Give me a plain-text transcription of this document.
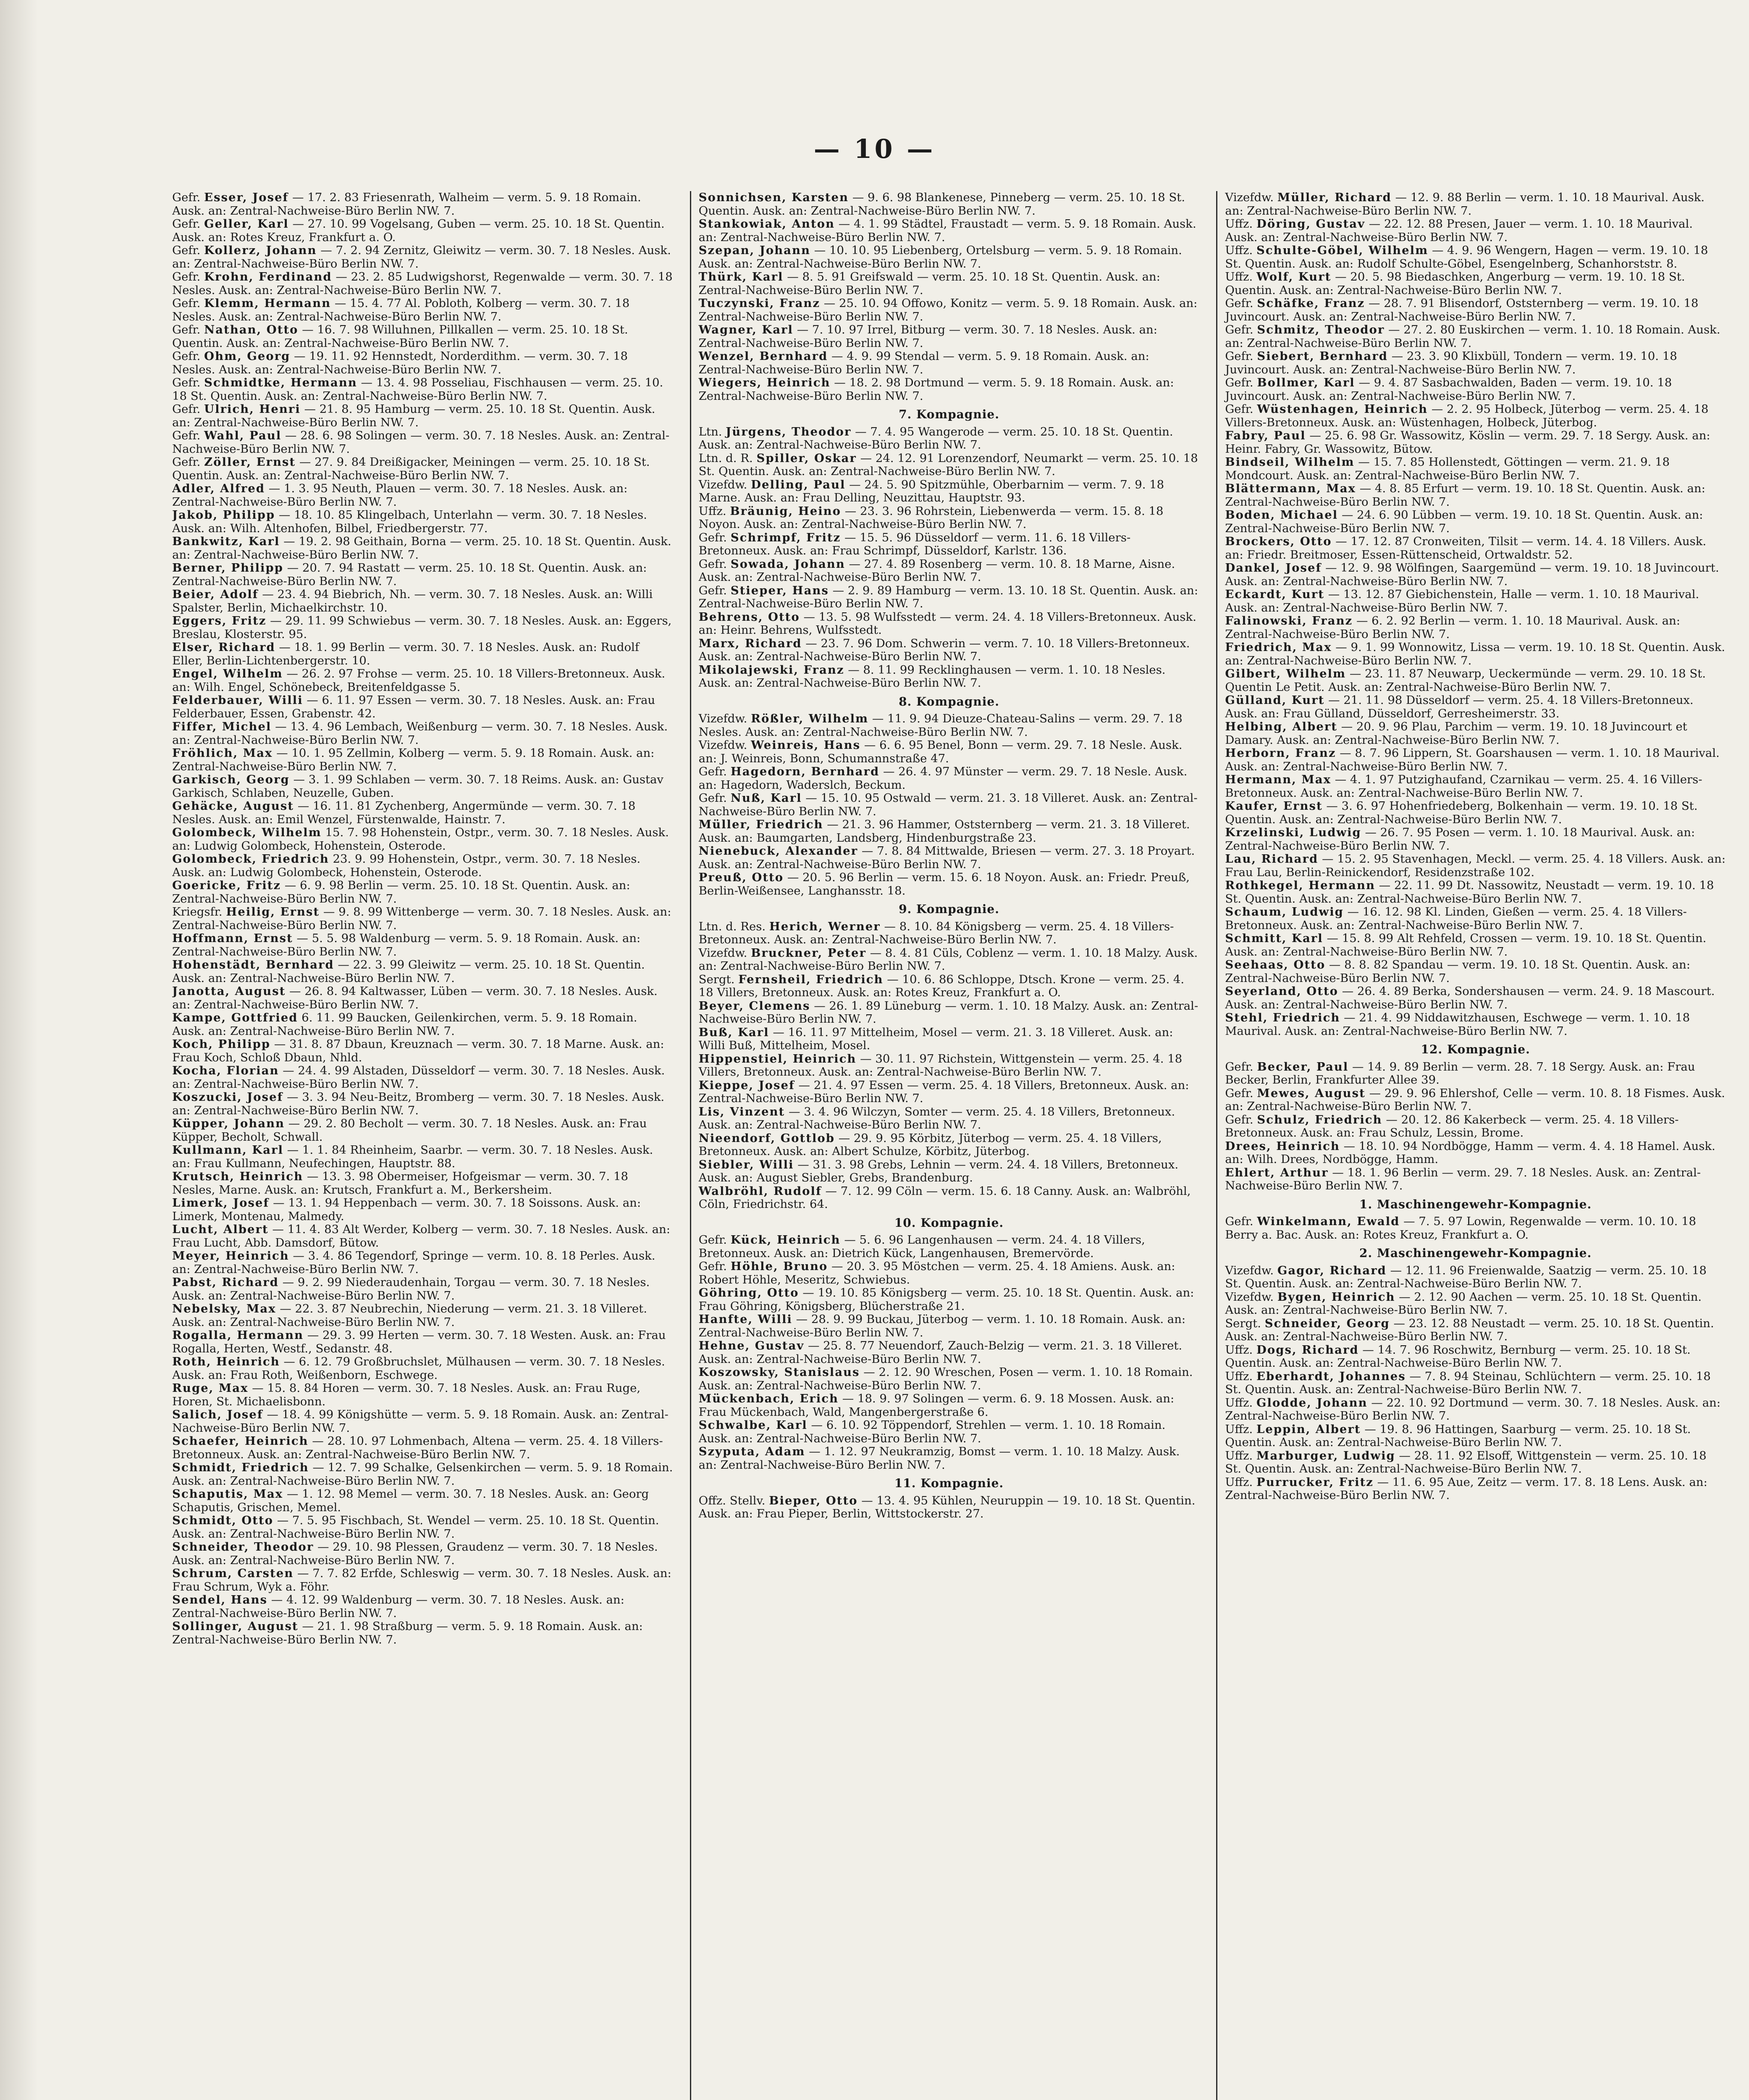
— 10 —
Gefr. Esser, Josef — 17. 2. 83 Friesenrath, Walheim — verm. 5. 9. 18 Romain. Ausk. an: Zentral-Nachweise-Büro Berlin NW. 7.
Gefr. Geller, Karl — 27. 10. 99 Vogelsang, Guben — verm. 25. 10. 18 St. Quentin. Ausk. an: Rotes Kreuz, Frankfurt a. O.
Gefr. Kollerz, Johann — 7. 2. 94 Zernitz, Gleiwitz — verm. 30. 7. 18 Nesles. Ausk. an: Zentral-Nachweise-Büro Berlin NW. 7.
Gefr. Krohn, Ferdinand — 23. 2. 85 Ludwigshorst, Regenwalde — verm. 30. 7. 18 Nesles. Ausk. an: Zentral-Nachweise-Büro Berlin NW. 7.
Gefr. Klemm, Hermann — 15. 4. 77 Al. Pobloth, Kolberg — verm. 30. 7. 18 Nesles. Ausk. an: Zentral-Nachweise-Büro Berlin NW. 7.
Gefr. Nathan, Otto — 16. 7. 98 Willuhnen, Pillkallen — verm. 25. 10. 18 St. Quentin. Ausk. an: Zentral-Nachweise-Büro Berlin NW. 7.
Gefr. Ohm, Georg — 19. 11. 92 Hennstedt, Norderdithm. — verm. 30. 7. 18 Nesles. Ausk. an: Zentral-Nachweise-Büro Berlin NW. 7.
Gefr. Schmidtke, Hermann — 13. 4. 98 Posseliau, Fischhausen — verm. 25. 10. 18 St. Quentin. Ausk. an: Zentral-Nachweise-Büro Berlin NW. 7.
Gefr. Ulrich, Henri — 21. 8. 95 Hamburg — verm. 25. 10. 18 St. Quentin. Ausk. an: Zentral-Nachweise-Büro Berlin NW. 7.
Gefr. Wahl, Paul — 28. 6. 98 Solingen — verm. 30. 7. 18 Nesles. Ausk. an: Zentral-Nachweise-Büro Berlin NW. 7.
Gefr. Zöller, Ernst — 27. 9. 84 Dreißigacker, Meiningen — verm. 25. 10. 18 St. Quentin. Ausk. an: Zentral-Nachweise-Büro Berlin NW. 7.
Adler, Alfred — 1. 3. 95 Neuth, Plauen — verm. 30. 7. 18 Nesles. Ausk. an: Zentral-Nachweise-Büro Berlin NW. 7.
Jakob, Philipp — 18. 10. 85 Klingelbach, Unterlahn — verm. 30. 7. 18 Nesles. Ausk. an: Wilh. Altenhofen, Bilbel, Friedbergerstr. 77.
Bankwitz, Karl — 19. 2. 98 Geithain, Borna — verm. 25. 10. 18 St. Quentin. Ausk. an: Zentral-Nachweise-Büro Berlin NW. 7.
Berner, Philipp — 20. 7. 94 Rastatt — verm. 25. 10. 18 St. Quentin. Ausk. an: Zentral-Nachweise-Büro Berlin NW. 7.
Beier, Adolf — 23. 4. 94 Biebrich, Nh. — verm. 30. 7. 18 Nesles. Ausk. an: Willi Spalster, Berlin, Michaelkirchstr. 10.
Eggers, Fritz — 29. 11. 99 Schwiebus — verm. 30. 7. 18 Nesles. Ausk. an: Eggers, Breslau, Klosterstr. 95.
Elser, Richard — 18. 1. 99 Berlin — verm. 30. 7. 18 Nesles. Ausk. an: Rudolf Eller, Berlin-Lichtenbergerstr. 10.
Engel, Wilhelm — 26. 2. 97 Frohse — verm. 25. 10. 18 Villers-Bretonneux. Ausk. an: Wilh. Engel, Schönebeck, Breitenfeldgasse 5.
Felderbauer, Willi — 6. 11. 97 Essen — verm. 30. 7. 18 Nesles. Ausk. an: Frau Felderbauer, Essen, Grabenstr. 42.
Fiffer, Michel — 13. 4. 96 Lembach, Weißenburg — verm. 30. 7. 18 Nesles. Ausk. an: Zentral-Nachweise-Büro Berlin NW. 7.
Fröhlich, Max — 10. 1. 95 Zellmin, Kolberg — verm. 5. 9. 18 Romain. Ausk. an: Zentral-Nachweise-Büro Berlin NW. 7.
Garkisch, Georg — 3. 1. 99 Schlaben — verm. 30. 7. 18 Reims. Ausk. an: Gustav Garkisch, Schlaben, Neuzelle, Guben.
Gehäcke, August — 16. 11. 81 Zychenberg, Angermünde — verm. 30. 7. 18 Nesles. Ausk. an: Emil Wenzel, Fürstenwalde, Hainstr. 7.
Golombeck, Wilhelm 15. 7. 98 Hohenstein, Ostpr., verm. 30. 7. 18 Nesles. Ausk. an: Ludwig Golombeck, Hohenstein, Osterode.
Golombeck, Friedrich 23. 9. 99 Hohenstein, Ostpr., verm. 30. 7. 18 Nesles. Ausk. an: Ludwig Golombeck, Hohenstein, Osterode.
Goericke, Fritz — 6. 9. 98 Berlin — verm. 25. 10. 18 St. Quentin. Ausk. an: Zentral-Nachweise-Büro Berlin NW. 7.
Kriegsfr. Heilig, Ernst — 9. 8. 99 Wittenberge — verm. 30. 7. 18 Nesles. Ausk. an: Zentral-Nachweise-Büro Berlin NW. 7.
Hoffmann, Ernst — 5. 5. 98 Waldenburg — verm. 5. 9. 18 Romain. Ausk. an: Zentral-Nachweise-Büro Berlin NW. 7.
Hohenstädt, Bernhard — 22. 3. 99 Gleiwitz — verm. 25. 10. 18 St. Quentin. Ausk. an: Zentral-Nachweise-Büro Berlin NW. 7.
Janotta, August — 26. 8. 94 Kaltwasser, Lüben — verm. 30. 7. 18 Nesles. Ausk. an: Zentral-Nachweise-Büro Berlin NW. 7.
Kampe, Gottfried 6. 11. 99 Baucken, Geilenkirchen, verm. 5. 9. 18 Romain. Ausk. an: Zentral-Nachweise-Büro Berlin NW. 7.
Koch, Philipp — 31. 8. 87 Dbaun, Kreuznach — verm. 30. 7. 18 Marne. Ausk. an: Frau Koch, Schloß Dbaun, Nhld.
Kocha, Florian — 24. 4. 99 Alstaden, Düsseldorf — verm. 30. 7. 18 Nesles. Ausk. an: Zentral-Nachweise-Büro Berlin NW. 7.
Koszucki, Josef — 3. 3. 94 Neu-Beitz, Bromberg — verm. 30. 7. 18 Nesles. Ausk. an: Zentral-Nachweise-Büro Berlin NW. 7.
Küpper, Johann — 29. 2. 80 Becholt — verm. 30. 7. 18 Nesles. Ausk. an: Frau Küpper, Becholt, Schwall.
Kullmann, Karl — 1. 1. 84 Rheinheim, Saarbr. — verm. 30. 7. 18 Nesles. Ausk. an: Frau Kullmann, Neufechingen, Hauptstr. 88.
Krutsch, Heinrich — 13. 3. 98 Obermeiser, Hofgeismar — verm. 30. 7. 18 Nesles, Marne. Ausk. an: Krutsch, Frankfurt a. M., Berkersheim.
Limerk, Josef — 13. 1. 94 Heppenbach — verm. 30. 7. 18 Soissons. Ausk. an: Limerk, Montenau, Malmedy.
Lucht, Albert — 11. 4. 83 Alt Werder, Kolberg — verm. 30. 7. 18 Nesles. Ausk. an: Frau Lucht, Abb. Damsdorf, Bütow.
Meyer, Heinrich — 3. 4. 86 Tegendorf, Springe — verm. 10. 8. 18 Perles. Ausk. an: Zentral-Nachweise-Büro Berlin NW. 7.
Pabst, Richard — 9. 2. 99 Niederaudenhain, Torgau — verm. 30. 7. 18 Nesles. Ausk. an: Zentral-Nachweise-Büro Berlin NW. 7.
Nebelsky, Max — 22. 3. 87 Neubrechin, Niederung — verm. 21. 3. 18 Villeret. Ausk. an: Zentral-Nachweise-Büro Berlin NW. 7.
Rogalla, Hermann — 29. 3. 99 Herten — verm. 30. 7. 18 Westen. Ausk. an: Frau Rogalla, Herten, Westf., Sedanstr. 48.
Roth, Heinrich — 6. 12. 79 Großbruchslet, Mülhausen — verm. 30. 7. 18 Nesles. Ausk. an: Frau Roth, Weißenborn, Eschwege.
Ruge, Max — 15. 8. 84 Horen — verm. 30. 7. 18 Nesles. Ausk. an: Frau Ruge, Horen, St. Michaelisbonn.
Salich, Josef — 18. 4. 99 Königshütte — verm. 5. 9. 18 Romain. Ausk. an: Zentral-Nachweise-Büro Berlin NW. 7.
Schaefer, Heinrich — 28. 10. 97 Lohmenbach, Altena — verm. 25. 4. 18 Villers-Bretonneux. Ausk. an: Zentral-Nachweise-Büro Berlin NW. 7.
Schmidt, Friedrich — 12. 7. 99 Schalke, Gelsenkirchen — verm. 5. 9. 18 Romain. Ausk. an: Zentral-Nachweise-Büro Berlin NW. 7.
Schaputis, Max — 1. 12. 98 Memel — verm. 30. 7. 18 Nesles. Ausk. an: Georg Schaputis, Grischen, Memel.
Schmidt, Otto — 7. 5. 95 Fischbach, St. Wendel — verm. 25. 10. 18 St. Quentin. Ausk. an: Zentral-Nachweise-Büro Berlin NW. 7.
Schneider, Theodor — 29. 10. 98 Plessen, Graudenz — verm. 30. 7. 18 Nesles. Ausk. an: Zentral-Nachweise-Büro Berlin NW. 7.
Schrum, Carsten — 7. 7. 82 Erfde, Schleswig — verm. 30. 7. 18 Nesles. Ausk. an: Frau Schrum, Wyk a. Föhr.
Sendel, Hans — 4. 12. 99 Waldenburg — verm. 30. 7. 18 Nesles. Ausk. an: Zentral-Nachweise-Büro Berlin NW. 7.
Sollinger, August — 21. 1. 98 Straßburg — verm. 5. 9. 18 Romain. Ausk. an: Zentral-Nachweise-Büro Berlin NW. 7.
Sonnichsen, Karsten — 9. 6. 98 Blankenese, Pinneberg — verm. 25. 10. 18 St. Quentin. Ausk. an: Zentral-Nachweise-Büro Berlin NW. 7.
Stankowiak, Anton — 4. 1. 99 Städtel, Fraustadt — verm. 5. 9. 18 Romain. Ausk. an: Zentral-Nachweise-Büro Berlin NW. 7.
Szepan, Johann — 10. 10. 95 Liebenberg, Ortelsburg — verm. 5. 9. 18 Romain. Ausk. an: Zentral-Nachweise-Büro Berlin NW. 7.
Thürk, Karl — 8. 5. 91 Greifswald — verm. 25. 10. 18 St. Quentin. Ausk. an: Zentral-Nachweise-Büro Berlin NW. 7.
Tuczynski, Franz — 25. 10. 94 Offowo, Konitz — verm. 5. 9. 18 Romain. Ausk. an: Zentral-Nachweise-Büro Berlin NW. 7.
Wagner, Karl — 7. 10. 97 Irrel, Bitburg — verm. 30. 7. 18 Nesles. Ausk. an: Zentral-Nachweise-Büro Berlin NW. 7.
Wenzel, Bernhard — 4. 9. 99 Stendal — verm. 5. 9. 18 Romain. Ausk. an: Zentral-Nachweise-Büro Berlin NW. 7.
Wiegers, Heinrich — 18. 2. 98 Dortmund — verm. 5. 9. 18 Romain. Ausk. an: Zentral-Nachweise-Büro Berlin NW. 7.
7. Kompagnie.
Ltn. Jürgens, Theodor — 7. 4. 95 Wangerode — verm. 25. 10. 18 St. Quentin. Ausk. an: Zentral-Nachweise-Büro Berlin NW. 7.
Ltn. d. R. Spiller, Oskar — 24. 12. 91 Lorenzendorf, Neumarkt — verm. 25. 10. 18 St. Quentin. Ausk. an: Zentral-Nachweise-Büro Berlin NW. 7.
Vizefdw. Delling, Paul — 24. 5. 90 Spitzmühle, Oberbarnim — verm. 7. 9. 18 Marne. Ausk. an: Frau Delling, Neuzittau, Hauptstr. 93.
Uffz. Bräunig, Heino — 23. 3. 96 Rohrstein, Liebenwerda — verm. 15. 8. 18 Noyon. Ausk. an: Zentral-Nachweise-Büro Berlin NW. 7.
Gefr. Schrimpf, Fritz — 15. 5. 96 Düsseldorf — verm. 11. 6. 18 Villers-Bretonneux. Ausk. an: Frau Schrimpf, Düsseldorf, Karlstr. 136.
Gefr. Sowada, Johann — 27. 4. 89 Rosenberg — verm. 10. 8. 18 Marne, Aisne. Ausk. an: Zentral-Nachweise-Büro Berlin NW. 7.
Gefr. Stieper, Hans — 2. 9. 89 Hamburg — verm. 13. 10. 18 St. Quentin. Ausk. an: Zentral-Nachweise-Büro Berlin NW. 7.
Behrens, Otto — 13. 5. 98 Wulfsstedt — verm. 24. 4. 18 Villers-Bretonneux. Ausk. an: Heinr. Behrens, Wulfsstedt.
Marx, Richard — 23. 7. 96 Dom. Schwerin — verm. 7. 10. 18 Villers-Bretonneux. Ausk. an: Zentral-Nachweise-Büro Berlin NW. 7.
Mikolajewski, Franz — 8. 11. 99 Recklinghausen — verm. 1. 10. 18 Nesles. Ausk. an: Zentral-Nachweise-Büro Berlin NW. 7.
8. Kompagnie.
Vizefdw. Rößler, Wilhelm — 11. 9. 94 Dieuze-Chateau-Salins — verm. 29. 7. 18 Nesles. Ausk. an: Zentral-Nachweise-Büro Berlin NW. 7.
Vizefdw. Weinreis, Hans — 6. 6. 95 Benel, Bonn — verm. 29. 7. 18 Nesle. Ausk. an: J. Weinreis, Bonn, Schumannstraße 47.
Gefr. Hagedorn, Bernhard — 26. 4. 97 Münster — verm. 29. 7. 18 Nesle. Ausk. an: Hagedorn, Waderslch, Beckum.
Gefr. Nuß, Karl — 15. 10. 95 Ostwald — verm. 21. 3. 18 Villeret. Ausk. an: Zentral-Nachweise-Büro Berlin NW. 7.
Müller, Friedrich — 21. 3. 96 Hammer, Oststernberg — verm. 21. 3. 18 Villeret. Ausk. an: Baumgarten, Landsberg, Hindenburgstraße 23.
Nienebuck, Alexander — 7. 8. 84 Mittwalde, Briesen — verm. 27. 3. 18 Proyart. Ausk. an: Zentral-Nachweise-Büro Berlin NW. 7.
Preuß, Otto — 20. 5. 96 Berlin — verm. 15. 6. 18 Noyon. Ausk. an: Friedr. Preuß, Berlin-Weißensee, Langhansstr. 18.
9. Kompagnie.
Ltn. d. Res. Herich, Werner — 8. 10. 84 Königsberg — verm. 25. 4. 18 Villers-Bretonneux. Ausk. an: Zentral-Nachweise-Büro Berlin NW. 7.
Vizefdw. Bruckner, Peter — 8. 4. 81 Cüls, Coblenz — verm. 1. 10. 18 Malzy. Ausk. an: Zentral-Nachweise-Büro Berlin NW. 7.
Sergt. Fernsheil, Friedrich — 10. 6. 86 Schloppe, Dtsch. Krone — verm. 25. 4. 18 Villers, Bretonneux. Ausk. an: Rotes Kreuz, Frankfurt a. O.
Beyer, Clemens — 26. 1. 89 Lüneburg — verm. 1. 10. 18 Malzy. Ausk. an: Zentral-Nachweise-Büro Berlin NW. 7.
Buß, Karl — 16. 11. 97 Mittelheim, Mosel — verm. 21. 3. 18 Villeret. Ausk. an: Willi Buß, Mittelheim, Mosel.
Hippenstiel, Heinrich — 30. 11. 97 Richstein, Wittgenstein — verm. 25. 4. 18 Villers, Bretonneux. Ausk. an: Zentral-Nachweise-Büro Berlin NW. 7.
Kieppe, Josef — 21. 4. 97 Essen — verm. 25. 4. 18 Villers, Bretonneux. Ausk. an: Zentral-Nachweise-Büro Berlin NW. 7.
Lis, Vinzent — 3. 4. 96 Wilczyn, Somter — verm. 25. 4. 18 Villers, Bretonneux. Ausk. an: Zentral-Nachweise-Büro Berlin NW. 7.
Nieendorf, Gottlob — 29. 9. 95 Körbitz, Jüterbog — verm. 25. 4. 18 Villers, Bretonneux. Ausk. an: Albert Schulze, Körbitz, Jüterbog.
Siebler, Willi — 31. 3. 98 Grebs, Lehnin — verm. 24. 4. 18 Villers, Bretonneux. Ausk. an: August Siebler, Grebs, Brandenburg.
Walbröhl, Rudolf — 7. 12. 99 Cöln — verm. 15. 6. 18 Canny. Ausk. an: Walbröhl, Cöln, Friedrichstr. 64.
10. Kompagnie.
Gefr. Kück, Heinrich — 5. 6. 96 Langenhausen — verm. 24. 4. 18 Villers, Bretonneux. Ausk. an: Dietrich Kück, Langenhausen, Bremervörde.
Gefr. Höhle, Bruno — 20. 3. 95 Möstchen — verm. 25. 4. 18 Amiens. Ausk. an: Robert Höhle, Meseritz, Schwiebus.
Göhring, Otto — 19. 10. 85 Königsberg — verm. 25. 10. 18 St. Quentin. Ausk. an: Frau Göhring, Königsberg, Blücherstraße 21.
Hanfte, Willi — 28. 9. 99 Buckau, Jüterbog — verm. 1. 10. 18 Romain. Ausk. an: Zentral-Nachweise-Büro Berlin NW. 7.
Hehne, Gustav — 25. 8. 77 Neuendorf, Zauch-Belzig — verm. 21. 3. 18 Villeret. Ausk. an: Zentral-Nachweise-Büro Berlin NW. 7.
Koszowsky, Stanislaus — 2. 12. 90 Wreschen, Posen — verm. 1. 10. 18 Romain. Ausk. an: Zentral-Nachweise-Büro Berlin NW. 7.
Mückenbach, Erich — 18. 9. 97 Solingen — verm. 6. 9. 18 Mossen. Ausk. an: Frau Mückenbach, Wald, Mangenbergerstraße 6.
Schwalbe, Karl — 6. 10. 92 Töppendorf, Strehlen — verm. 1. 10. 18 Romain. Ausk. an: Zentral-Nachweise-Büro Berlin NW. 7.
Szyputa, Adam — 1. 12. 97 Neukramzig, Bomst — verm. 1. 10. 18 Malzy. Ausk. an: Zentral-Nachweise-Büro Berlin NW. 7.
11. Kompagnie.
Offz. Stellv. Bieper, Otto — 13. 4. 95 Kühlen, Neuruppin — 19. 10. 18 St. Quentin. Ausk. an: Frau Pieper, Berlin, Wittstockerstr. 27.
Vizefdw. Müller, Richard — 12. 9. 88 Berlin — verm. 1. 10. 18 Maurival. Ausk. an: Zentral-Nachweise-Büro Berlin NW. 7.
Uffz. Döring, Gustav — 22. 12. 88 Presen, Jauer — verm. 1. 10. 18 Maurival. Ausk. an: Zentral-Nachweise-Büro Berlin NW. 7.
Uffz. Schulte-Göbel, Wilhelm — 4. 9. 96 Wengern, Hagen — verm. 19. 10. 18 St. Quentin. Ausk. an: Rudolf Schulte-Göbel, Esengelnberg, Schanhorststr. 8.
Uffz. Wolf, Kurt — 20. 5. 98 Biedaschken, Angerburg — verm. 19. 10. 18 St. Quentin. Ausk. an: Zentral-Nachweise-Büro Berlin NW. 7.
Gefr. Schäfke, Franz — 28. 7. 91 Blisendorf, Oststernberg — verm. 19. 10. 18 Juvincourt. Ausk. an: Zentral-Nachweise-Büro Berlin NW. 7.
Gefr. Schmitz, Theodor — 27. 2. 80 Euskirchen — verm. 1. 10. 18 Romain. Ausk. an: Zentral-Nachweise-Büro Berlin NW. 7.
Gefr. Siebert, Bernhard — 23. 3. 90 Klixbüll, Tondern — verm. 19. 10. 18 Juvincourt. Ausk. an: Zentral-Nachweise-Büro Berlin NW. 7.
Gefr. Bollmer, Karl — 9. 4. 87 Sasbachwalden, Baden — verm. 19. 10. 18 Juvincourt. Ausk. an: Zentral-Nachweise-Büro Berlin NW. 7.
Gefr. Wüstenhagen, Heinrich — 2. 2. 95 Holbeck, Jüterbog — verm. 25. 4. 18 Villers-Bretonneux. Ausk. an: Wüstenhagen, Holbeck, Jüterbog.
Fabry, Paul — 25. 6. 98 Gr. Wassowitz, Köslin — verm. 29. 7. 18 Sergy. Ausk. an: Heinr. Fabry, Gr. Wassowitz, Bütow.
Bindseil, Wilhelm — 15. 7. 85 Hollenstedt, Göttingen — verm. 21. 9. 18 Mondcourt. Ausk. an: Zentral-Nachweise-Büro Berlin NW. 7.
Blättermann, Max — 4. 8. 85 Erfurt — verm. 19. 10. 18 St. Quentin. Ausk. an: Zentral-Nachweise-Büro Berlin NW. 7.
Boden, Michael — 24. 6. 90 Lübben — verm. 19. 10. 18 St. Quentin. Ausk. an: Zentral-Nachweise-Büro Berlin NW. 7.
Brockers, Otto — 17. 12. 87 Cronweiten, Tilsit — verm. 14. 4. 18 Villers. Ausk. an: Friedr. Breitmoser, Essen-Rüttenscheid, Ortwaldstr. 52.
Dankel, Josef — 12. 9. 98 Wölfingen, Saargemünd — verm. 19. 10. 18 Juvincourt. Ausk. an: Zentral-Nachweise-Büro Berlin NW. 7.
Eckardt, Kurt — 13. 12. 87 Giebichenstein, Halle — verm. 1. 10. 18 Maurival. Ausk. an: Zentral-Nachweise-Büro Berlin NW. 7.
Falinowski, Franz — 6. 2. 92 Berlin — verm. 1. 10. 18 Maurival. Ausk. an: Zentral-Nachweise-Büro Berlin NW. 7.
Friedrich, Max — 9. 1. 99 Wonnowitz, Lissa — verm. 19. 10. 18 St. Quentin. Ausk. an: Zentral-Nachweise-Büro Berlin NW. 7.
Gilbert, Wilhelm — 23. 11. 87 Neuwarp, Ueckermünde — verm. 29. 10. 18 St. Quentin Le Petit. Ausk. an: Zentral-Nachweise-Büro Berlin NW. 7.
Gülland, Kurt — 21. 11. 98 Düsseldorf — verm. 25. 4. 18 Villers-Bretonneux. Ausk. an: Frau Gülland, Düsseldorf, Gerresheimerstr. 33.
Helbing, Albert — 20. 9. 96 Plau, Parchim — verm. 19. 10. 18 Juvincourt et Damary. Ausk. an: Zentral-Nachweise-Büro Berlin NW. 7.
Herborn, Franz — 8. 7. 96 Lippern, St. Goarshausen — verm. 1. 10. 18 Maurival. Ausk. an: Zentral-Nachweise-Büro Berlin NW. 7.
Hermann, Max — 4. 1. 97 Putzighaufand, Czarnikau — verm. 25. 4. 16 Villers-Bretonneux. Ausk. an: Zentral-Nachweise-Büro Berlin NW. 7.
Kaufer, Ernst — 3. 6. 97 Hohenfriedeberg, Bolkenhain — verm. 19. 10. 18 St. Quentin. Ausk. an: Zentral-Nachweise-Büro Berlin NW. 7.
Krzelinski, Ludwig — 26. 7. 95 Posen — verm. 1. 10. 18 Maurival. Ausk. an: Zentral-Nachweise-Büro Berlin NW. 7.
Lau, Richard — 15. 2. 95 Stavenhagen, Meckl. — verm. 25. 4. 18 Villers. Ausk. an: Frau Lau, Berlin-Reinickendorf, Residenzstraße 102.
Rothkegel, Hermann — 22. 11. 99 Dt. Nassowitz, Neustadt — verm. 19. 10. 18 St. Quentin. Ausk. an: Zentral-Nachweise-Büro Berlin NW. 7.
Schaum, Ludwig — 16. 12. 98 Kl. Linden, Gießen — verm. 25. 4. 18 Villers-Bretonneux. Ausk. an: Zentral-Nachweise-Büro Berlin NW. 7.
Schmitt, Karl — 15. 8. 99 Alt Rehfeld, Crossen — verm. 19. 10. 18 St. Quentin. Ausk. an: Zentral-Nachweise-Büro Berlin NW. 7.
Seehaas, Otto — 8. 8. 82 Spandau — verm. 19. 10. 18 St. Quentin. Ausk. an: Zentral-Nachweise-Büro Berlin NW. 7.
Seyerland, Otto — 26. 4. 89 Berka, Sondershausen — verm. 24. 9. 18 Mascourt. Ausk. an: Zentral-Nachweise-Büro Berlin NW. 7.
Stehl, Friedrich — 21. 4. 99 Niddawitzhausen, Eschwege — verm. 1. 10. 18 Maurival. Ausk. an: Zentral-Nachweise-Büro Berlin NW. 7.
12. Kompagnie.
Gefr. Becker, Paul — 14. 9. 89 Berlin — verm. 28. 7. 18 Sergy. Ausk. an: Frau Becker, Berlin, Frankfurter Allee 39.
Gefr. Mewes, August — 29. 9. 96 Ehlershof, Celle — verm. 10. 8. 18 Fismes. Ausk. an: Zentral-Nachweise-Büro Berlin NW. 7.
Gefr. Schulz, Friedrich — 20. 12. 86 Kakerbeck — verm. 25. 4. 18 Villers-Bretonneux. Ausk. an: Frau Schulz, Lessin, Brome.
Drees, Heinrich — 18. 10. 94 Nordbögge, Hamm — verm. 4. 4. 18 Hamel. Ausk. an: Wilh. Drees, Nordbögge, Hamm.
Ehlert, Arthur — 18. 1. 96 Berlin — verm. 29. 7. 18 Nesles. Ausk. an: Zentral-Nachweise-Büro Berlin NW. 7.
1. Maschinengewehr-Kompagnie.
Gefr. Winkelmann, Ewald — 7. 5. 97 Lowin, Regenwalde — verm. 10. 10. 18 Berry a. Bac. Ausk. an: Rotes Kreuz, Frankfurt a. O.
2. Maschinengewehr-Kompagnie.
Vizefdw. Gagor, Richard — 12. 11. 96 Freienwalde, Saatzig — verm. 25. 10. 18 St. Quentin. Ausk. an: Zentral-Nachweise-Büro Berlin NW. 7.
Vizefdw. Bygen, Heinrich — 2. 12. 90 Aachen — verm. 25. 10. 18 St. Quentin. Ausk. an: Zentral-Nachweise-Büro Berlin NW. 7.
Sergt. Schneider, Georg — 23. 12. 88 Neustadt — verm. 25. 10. 18 St. Quentin. Ausk. an: Zentral-Nachweise-Büro Berlin NW. 7.
Uffz. Dogs, Richard — 14. 7. 96 Roschwitz, Bernburg — verm. 25. 10. 18 St. Quentin. Ausk. an: Zentral-Nachweise-Büro Berlin NW. 7.
Uffz. Eberhardt, Johannes — 7. 8. 94 Steinau, Schlüchtern — verm. 25. 10. 18 St. Quentin. Ausk. an: Zentral-Nachweise-Büro Berlin NW. 7.
Uffz. Glodde, Johann — 22. 10. 92 Dortmund — verm. 30. 7. 18 Nesles. Ausk. an: Zentral-Nachweise-Büro Berlin NW. 7.
Uffz. Leppin, Albert — 19. 8. 96 Hattingen, Saarburg — verm. 25. 10. 18 St. Quentin. Ausk. an: Zentral-Nachweise-Büro Berlin NW. 7.
Uffz. Marburger, Ludwig — 28. 11. 92 Elsoff, Wittgenstein — verm. 25. 10. 18 St. Quentin. Ausk. an: Zentral-Nachweise-Büro Berlin NW. 7.
Uffz. Purrucker, Fritz — 11. 6. 95 Aue, Zeitz — verm. 17. 8. 18 Lens. Ausk. an: Zentral-Nachweise-Büro Berlin NW. 7.
